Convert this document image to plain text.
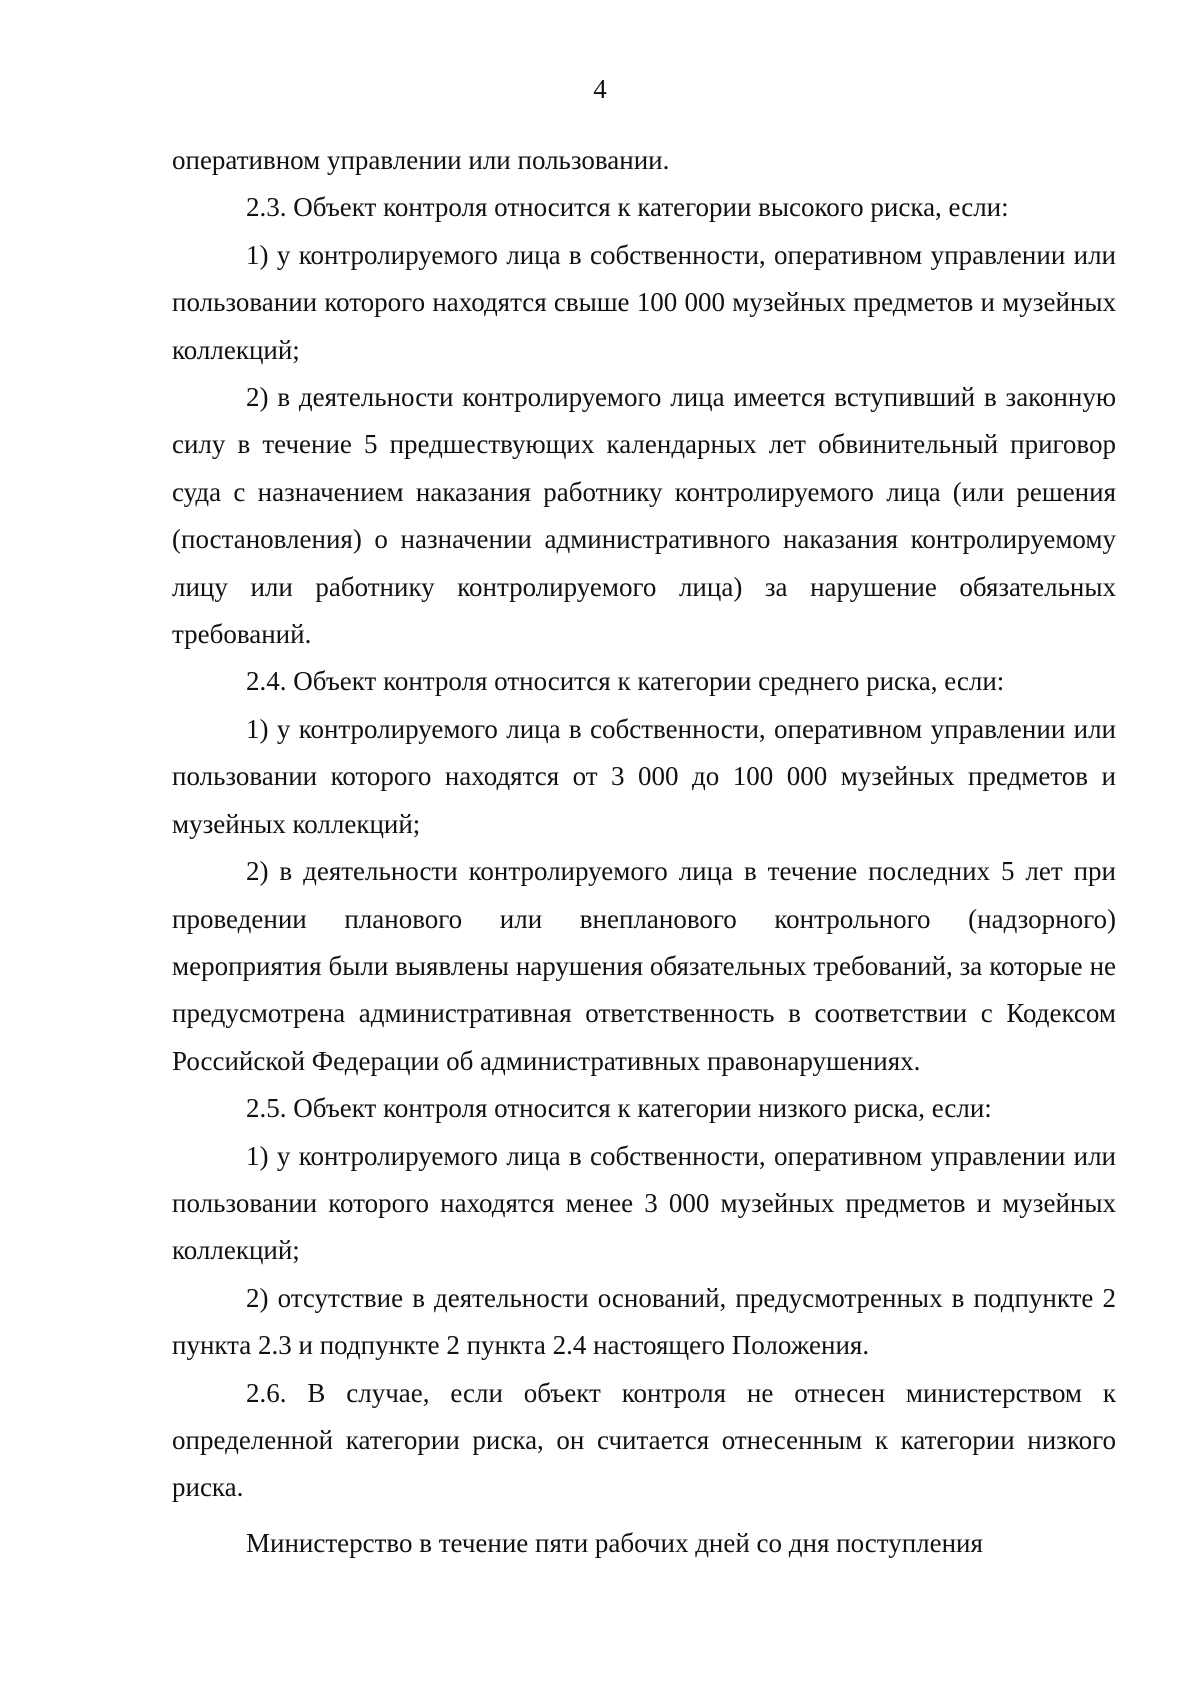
4

оперативном управлении или пользовании.

2.3. Объект контроля относится к категории высокого риска, если:

1) у контролируемого лица в собственности, оперативном управлении или пользовании которого находятся свыше 100 000 музейных предметов и музейных коллекций;

2) в деятельности контролируемого лица имеется вступивший в законную силу в течение 5 предшествующих календарных лет обвинительный приговор суда с назначением наказания работнику контролируемого лица (или решения (постановления) о назначении административного наказания контролируемому лицу или работнику контролируемого лица) за нарушение обязательных требований.

2.4. Объект контроля относится к категории среднего риска, если:

1) у контролируемого лица в собственности, оперативном управлении или пользовании которого находятся от 3 000 до 100 000 музейных предметов и музейных коллекций;

2) в деятельности контролируемого лица в течение последних 5 лет при проведении планового или внепланового контрольного (надзорного) мероприятия были выявлены нарушения обязательных требований, за которые не предусмотрена административная ответственность в соответствии с Кодексом Российской Федерации об административных правонарушениях.

2.5. Объект контроля относится к категории низкого риска, если:

1) у контролируемого лица в собственности, оперативном управлении или пользовании которого находятся менее 3 000 музейных предметов и музейных коллекций;

2) отсутствие в деятельности оснований, предусмотренных в подпункте 2 пункта 2.3 и подпункте 2 пункта 2.4 настоящего Положения.

2.6. В случае, если объект контроля не отнесен министерством к определенной категории риска, он считается отнесенным к категории низкого риска.

Министерство в течение пяти рабочих дней со дня поступления
